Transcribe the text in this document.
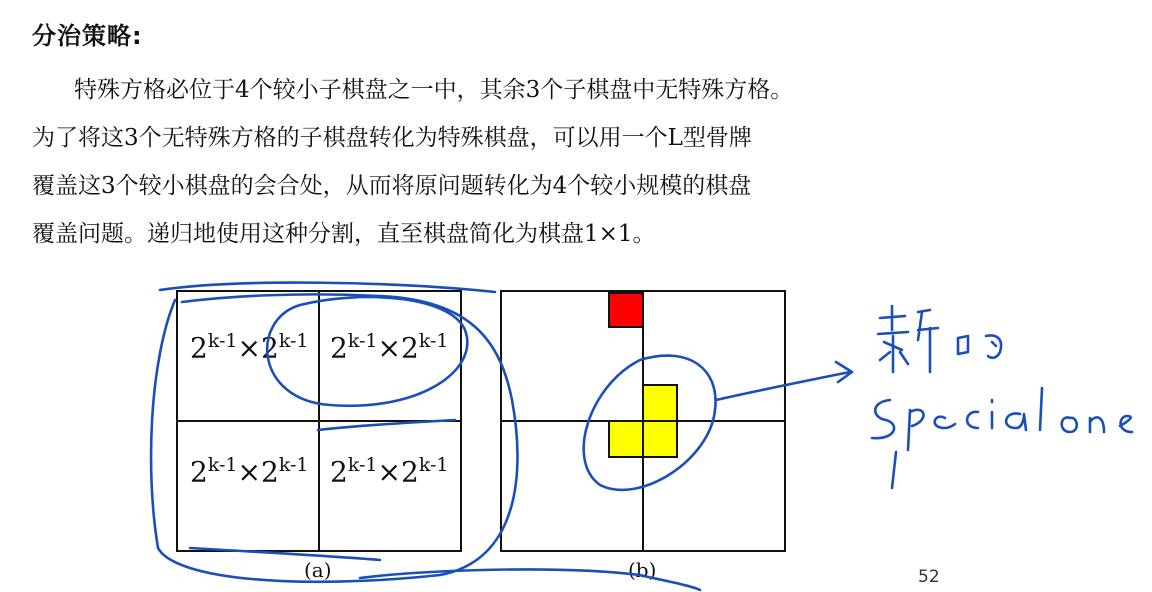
分治策略:
特殊方格必位于4个较小子棋盘之一中，其余3个子棋盘中无特殊方格。
为了将这3个无特殊方格的子棋盘转化为特殊棋盘，可以用一个L型骨牌
覆盖这3个较小棋盘的会合处，从而将原问题转化为4个较小规模的棋盘
覆盖问题。递归地使用这种分割，直至棋盘简化为棋盘1×1。
$2^{k-1}\times 2^{k-1}$ $2^{k-1}\times 2^{k-1}$
$2^{k-1}\times 2^{k-1}$ $2^{k-1}\times 2^{k-1}$
(a)	(b)	52
